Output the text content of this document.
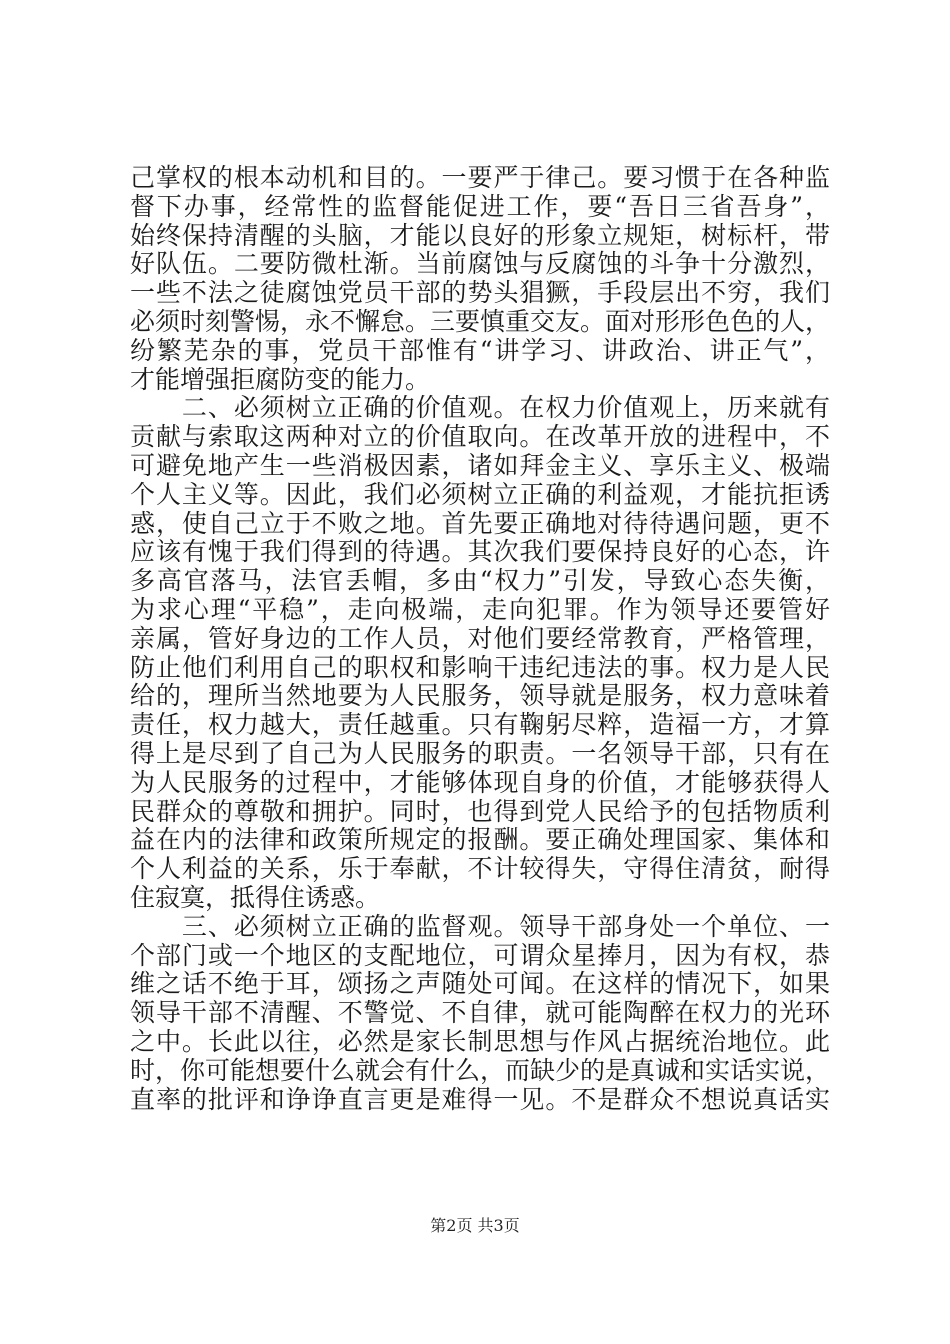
己掌权的根本动机和目的。一要严于律己。要习惯于在各种监
督下办事，经常性的监督能促进工作，要“吾日三省吾身”，
始终保持清醒的头脑，才能以良好的形象立规矩，树标杆，带
好队伍。二要防微杜渐。当前腐蚀与反腐蚀的斗争十分激烈，
一些不法之徒腐蚀党员干部的势头猖獗，手段层出不穷，我们
必须时刻警惕，永不懈怠。三要慎重交友。面对形形色色的人，
纷繁芜杂的事，党员干部惟有“讲学习、讲政治、讲正气”，
才能增强拒腐防变的能力。
　　二、必须树立正确的价值观。在权力价值观上，历来就有
贡献与索取这两种对立的价值取向。在改革开放的进程中，不
可避免地产生一些消极因素，诸如拜金主义、享乐主义、极端
个人主义等。因此，我们必须树立正确的利益观，才能抗拒诱
惑，使自己立于不败之地。首先要正确地对待待遇问题，更不
应该有愧于我们得到的待遇。其次我们要保持良好的心态，许
多高官落马，法官丢帽，多由“权力”引发，导致心态失衡，
为求心理“平稳”，走向极端，走向犯罪。作为领导还要管好
亲属，管好身边的工作人员，对他们要经常教育，严格管理，
防止他们利用自己的职权和影响干违纪违法的事。权力是人民
给的，理所当然地要为人民服务，领导就是服务，权力意味着
责任，权力越大，责任越重。只有鞠躬尽粹，造福一方，才算
得上是尽到了自己为人民服务的职责。一名领导干部，只有在
为人民服务的过程中，才能够体现自身的价值，才能够获得人
民群众的尊敬和拥护。同时，也得到党人民给予的包括物质利
益在内的法律和政策所规定的报酬。要正确处理国家、集体和
个人利益的关系，乐于奉献，不计较得失，守得住清贫，耐得
住寂寞，抵得住诱惑。
　　三、必须树立正确的监督观。领导干部身处一个单位、一
个部门或一个地区的支配地位，可谓众星捧月，因为有权，恭
维之话不绝于耳，颂扬之声随处可闻。在这样的情况下，如果
领导干部不清醒、不警觉、不自律，就可能陶醉在权力的光环
之中。长此以往，必然是家长制思想与作风占据统治地位。此
时，你可能想要什么就会有什么，而缺少的是真诚和实话实说，
直率的批评和诤诤直言更是难得一见。不是群众不想说真话实
第2页 共3页
